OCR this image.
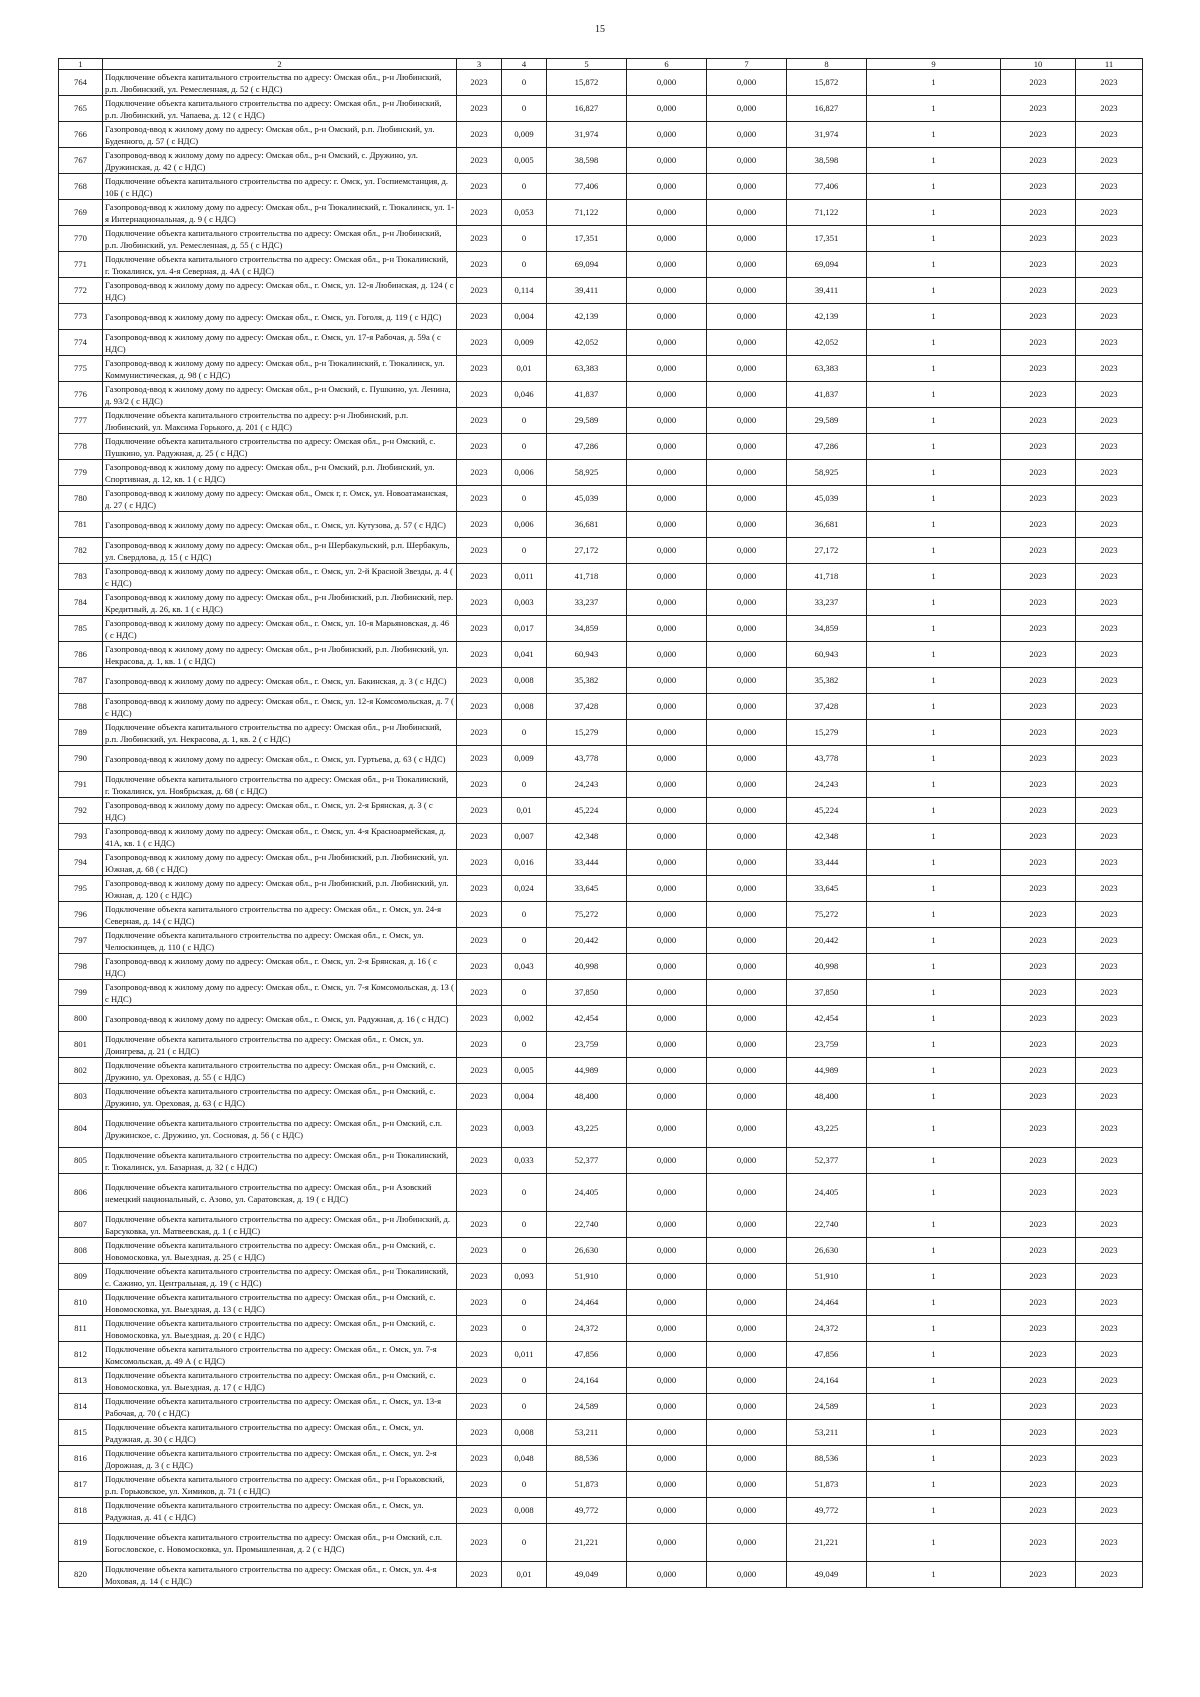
15
1	2	3	4	5	6	7	8	9	10	11
764	Подключение объекта капитального строительства по адресу: Омская обл., р-н Любинский, р.п. Любинский, ул. Ремесленная, д. 52 ( с НДС)	2023	0	15,872	0,000	0,000	15,872	1	2023	2023
765	Подключение объекта капитального строительства по адресу: Омская обл., р-н Любинский, р.п. Любинский, ул. Чапаева, д. 12 ( с НДС)	2023	0	16,827	0,000	0,000	16,827	1	2023	2023
766	Газопровод-ввод к жилому дому по адресу: Омская обл., р-н Омский, р.п. Любинский, ул. Буденного, д. 57 ( с НДС)	2023	0,009	31,974	0,000	0,000	31,974	1	2023	2023
767	Газопровод-ввод к жилому дому по адресу: Омская обл., р-н Омский, с. Дружино, ул. Дружинская, д. 42 ( с НДС)	2023	0,005	38,598	0,000	0,000	38,598	1	2023	2023
768	Подключение объекта капитального строительства по адресу: г. Омск, ул. Госпиемстанция, д. 10Б ( с НДС)	2023	0	77,406	0,000	0,000	77,406	1	2023	2023
769	Газопровод-ввод к жилому дому по адресу: Омская обл., р-н Тюкалинский, г. Тюкалинск, ул. 1-я Интернациональная, д. 9 ( с НДС)	2023	0,053	71,122	0,000	0,000	71,122	1	2023	2023
770	Подключение объекта капитального строительства по адресу: Омская обл., р-н Любинский, р.п. Любинский, ул. Ремесленная, д. 55 ( с НДС)	2023	0	17,351	0,000	0,000	17,351	1	2023	2023
771	Подключение объекта капитального строительства по адресу: Омская обл., р-н Тюкалинский, г. Тюкалинск, ул. 4-я Северная, д. 4А ( с НДС)	2023	0	69,094	0,000	0,000	69,094	1	2023	2023
772	Газопровод-ввод к жилому дому по адресу: Омская обл., г. Омск, ул. 12-я Любинская, д. 124 ( с НДС)	2023	0,114	39,411	0,000	0,000	39,411	1	2023	2023
773	Газопровод-ввод к жилому дому по адресу: Омская обл., г. Омск, ул. Гоголя, д. 119 ( с НДС)	2023	0,004	42,139	0,000	0,000	42,139	1	2023	2023
774	Газопровод-ввод к жилому дому по адресу: Омская обл., г. Омск, ул. 17-я Рабочая, д. 59а ( с НДС)	2023	0,009	42,052	0,000	0,000	42,052	1	2023	2023
775	Газопровод-ввод к жилому дому по адресу: Омская обл., р-н Тюкалинский, г. Тюкалинск, ул. Коммунистическая, д. 98 ( с НДС)	2023	0,01	63,383	0,000	0,000	63,383	1	2023	2023
776	Газопровод-ввод к жилому дому по адресу: Омская обл., р-н Омский, с. Пушкино, ул. Ленина, д. 93/2 ( с НДС)	2023	0,046	41,837	0,000	0,000	41,837	1	2023	2023
777	Подключение объекта капитального строительства по адресу: р-н Любинский, р.п. Любинский, ул. Максима Горького, д. 201 ( с НДС)	2023	0	29,589	0,000	0,000	29,589	1	2023	2023
778	Подключение объекта капитального строительства по адресу: Омская обл., р-н Омский, с. Пушкино, ул. Радужная, д. 25 ( с НДС)	2023	0	47,286	0,000	0,000	47,286	1	2023	2023
779	Газопровод-ввод к жилому дому по адресу: Омская обл., р-н Омский, р.п. Любинский, ул. Спортивная, д. 12, кв. 1 ( с НДС)	2023	0,006	58,925	0,000	0,000	58,925	1	2023	2023
780	Газопровод-ввод к жилому дому по адресу: Омская обл., Омск г, г. Омск, ул. Новоатаманская, д. 27 ( с НДС)	2023	0	45,039	0,000	0,000	45,039	1	2023	2023
781	Газопровод-ввод к жилому дому по адресу: Омская обл., г. Омск, ул. Кутузова, д. 57 ( с НДС)	2023	0,006	36,681	0,000	0,000	36,681	1	2023	2023
782	Газопровод-ввод к жилому дому по адресу: Омская обл., р-н Шербакульский, р.п. Шербакуль, ул. Свердлова, д. 15 ( с НДС)	2023	0	27,172	0,000	0,000	27,172	1	2023	2023
783	Газопровод-ввод к жилому дому по адресу: Омская обл., г. Омск, ул. 2-й Красной Звезды, д. 4 ( с НДС)	2023	0,011	41,718	0,000	0,000	41,718	1	2023	2023
784	Газопровод-ввод к жилому дому по адресу: Омская обл., р-н Любинский, р.п. Любинский, пер. Кредитный, д. 26, кв. 1 ( с НДС)	2023	0,003	33,237	0,000	0,000	33,237	1	2023	2023
785	Газопровод-ввод к жилому дому по адресу: Омская обл., г. Омск, ул. 10-я Марьяновская, д. 46 ( с НДС)	2023	0,017	34,859	0,000	0,000	34,859	1	2023	2023
786	Газопровод-ввод к жилому дому по адресу: Омская обл., р-н Любинский, р.п. Любинский, ул. Некрасова, д. 1, кв. 1 ( с НДС)	2023	0,041	60,943	0,000	0,000	60,943	1	2023	2023
787	Газопровод-ввод к жилому дому по адресу: Омская обл., г. Омск, ул. Бакинская, д. 3 ( с НДС)	2023	0,008	35,382	0,000	0,000	35,382	1	2023	2023
788	Газопровод-ввод к жилому дому по адресу: Омская обл., г. Омск, ул. 12-я Комсомольская, д. 7 ( с НДС)	2023	0,008	37,428	0,000	0,000	37,428	1	2023	2023
789	Подключение объекта капитального строительства по адресу: Омская обл., р-н Любинский, р.п. Любинский, ул. Некрасова, д. 1, кв. 2 ( с НДС)	2023	0	15,279	0,000	0,000	15,279	1	2023	2023
790	Газопровод-ввод к жилому дому по адресу: Омская обл., г. Омск, ул. Гуртьева, д. 63 ( с НДС)	2023	0,009	43,778	0,000	0,000	43,778	1	2023	2023
791	Подключение объекта капитального строительства по адресу: Омская обл., р-н Тюкалинский, г. Тюкалинск, ул. Ноябрьская, д. 68 ( с НДС)	2023	0	24,243	0,000	0,000	24,243	1	2023	2023
792	Газопровод-ввод к жилому дому по адресу: Омская обл., г. Омск, ул. 2-я Брянская, д. 3 ( с НДС)	2023	0,01	45,224	0,000	0,000	45,224	1	2023	2023
793	Газопровод-ввод к жилому дому по адресу: Омская обл., г. Омск, ул. 4-я Красноармейская, д. 41А, кв. 1 ( с НДС)	2023	0,007	42,348	0,000	0,000	42,348	1	2023	2023
794	Газопровод-ввод к жилому дому по адресу: Омская обл., р-н Любинский, р.п. Любинский, ул. Южная, д. 68 ( с НДС)	2023	0,016	33,444	0,000	0,000	33,444	1	2023	2023
795	Газопровод-ввод к жилому дому по адресу: Омская обл., р-н Любинский, р.п. Любинский, ул. Южная, д. 120 ( с НДС)	2023	0,024	33,645	0,000	0,000	33,645	1	2023	2023
796	Подключение объекта капитального строительства по адресу: Омская обл., г. Омск, ул. 24-я Северная, д. 14 ( с НДС)	2023	0	75,272	0,000	0,000	75,272	1	2023	2023
797	Подключение объекта капитального строительства по адресу: Омская обл., г. Омск, ул. Челюскинцев, д. 110 ( с НДС)	2023	0	20,442	0,000	0,000	20,442	1	2023	2023
798	Газопровод-ввод к жилому дому по адресу: Омская обл., г. Омск, ул. 2-я Брянская, д. 16 ( с НДС)	2023	0,043	40,998	0,000	0,000	40,998	1	2023	2023
799	Газопровод-ввод к жилому дому по адресу: Омская обл., г. Омск, ул. 7-я Комсомольская, д. 13 ( с НДС)	2023	0	37,850	0,000	0,000	37,850	1	2023	2023
800	Газопровод-ввод к жилому дому по адресу: Омская обл., г. Омск, ул. Радужная, д. 16 ( с НДС)	2023	0,002	42,454	0,000	0,000	42,454	1	2023	2023
801	Подключение объекта капитального строительства по адресу: Омская обл., г. Омск, ул. Доингрева, д. 21 ( с НДС)	2023	0	23,759	0,000	0,000	23,759	1	2023	2023
802	Подключение объекта капитального строительства по адресу: Омская обл., р-н Омский, с. Дружино, ул. Ореховая, д. 55 ( с НДС)	2023	0,005	44,989	0,000	0,000	44,989	1	2023	2023
803	Подключение объекта капитального строительства по адресу: Омская обл., р-н Омский, с. Дружино, ул. Ореховая, д. 63 ( с НДС)	2023	0,004	48,400	0,000	0,000	48,400	1	2023	2023
804	Подключение объекта капитального строительства по адресу: Омская обл., р-н Омский, с.п. Дружинское, с. Дружино, ул. Сосновая, д. 56 ( с НДС)	2023	0,003	43,225	0,000	0,000	43,225	1	2023	2023
805	Подключение объекта капитального строительства по адресу: Омская обл., р-н Тюкалинский, г. Тюкалинск, ул. Базарная, д. 32 ( с НДС)	2023	0,033	52,377	0,000	0,000	52,377	1	2023	2023
806	Подключение объекта капитального строительства по адресу: Омская обл., р-н Азовский немецкий национальный, с. Азово, ул. Саратовская, д. 19 ( с НДС)	2023	0	24,405	0,000	0,000	24,405	1	2023	2023
807	Подключение объекта капитального строительства по адресу: Омская обл., р-н Любинский, д. Барсуковка, ул. Матвеевская, д. 1 ( с НДС)	2023	0	22,740	0,000	0,000	22,740	1	2023	2023
808	Подключение объекта капитального строительства по адресу: Омская обл., р-н Омский, с. Новомосковка, ул. Выездная, д. 25 ( с НДС)	2023	0	26,630	0,000	0,000	26,630	1	2023	2023
809	Подключение объекта капитального строительства по адресу: Омская обл., р-н Тюкалинский, с. Сажино, ул. Центральная, д. 19 ( с НДС)	2023	0,093	51,910	0,000	0,000	51,910	1	2023	2023
810	Подключение объекта капитального строительства по адресу: Омская обл., р-н Омский, с. Новомосковка, ул. Выездная, д. 13 ( с НДС)	2023	0	24,464	0,000	0,000	24,464	1	2023	2023
811	Подключение объекта капитального строительства по адресу: Омская обл., р-н Омский, с. Новомосковка, ул. Выездная, д. 20 ( с НДС)	2023	0	24,372	0,000	0,000	24,372	1	2023	2023
812	Подключение объекта капитального строительства по адресу: Омская обл., г. Омск, ул. 7-я Комсомольская, д. 49 А ( с НДС)	2023	0,011	47,856	0,000	0,000	47,856	1	2023	2023
813	Подключение объекта капитального строительства по адресу: Омская обл., р-н Омский, с. Новомосковка, ул. Выездная, д. 17 ( с НДС)	2023	0	24,164	0,000	0,000	24,164	1	2023	2023
814	Подключение объекта капитального строительства по адресу: Омская обл., г. Омск, ул. 13-я Рабочая, д. 70 ( с НДС)	2023	0	24,589	0,000	0,000	24,589	1	2023	2023
815	Подключение объекта капитального строительства по адресу: Омская обл., г. Омск, ул. Радужная, д. 30 ( с НДС)	2023	0,008	53,211	0,000	0,000	53,211	1	2023	2023
816	Подключение объекта капитального строительства по адресу: Омская обл., г. Омск, ул. 2-я Дорожная, д. 3 ( с НДС)	2023	0,048	88,536	0,000	0,000	88,536	1	2023	2023
817	Подключение объекта капитального строительства по адресу: Омская обл., р-н Горьковский, р.п. Горьковское, ул. Химиков, д. 71 ( с НДС)	2023	0	51,873	0,000	0,000	51,873	1	2023	2023
818	Подключение объекта капитального строительства по адресу: Омская обл., г. Омск, ул. Радужная, д. 41 ( с НДС)	2023	0,008	49,772	0,000	0,000	49,772	1	2023	2023
819	Подключение объекта капитального строительства по адресу: Омская обл., р-н Омский, с.п. Богословское, с. Новомосковка, ул. Промышленная, д. 2 ( с НДС)	2023	0	21,221	0,000	0,000	21,221	1	2023	2023
820	Подключение объекта капитального строительства по адресу: Омская обл., г. Омск, ул. 4-я Моховая, д. 14 ( с НДС)	2023	0,01	49,049	0,000	0,000	49,049	1	2023	2023
